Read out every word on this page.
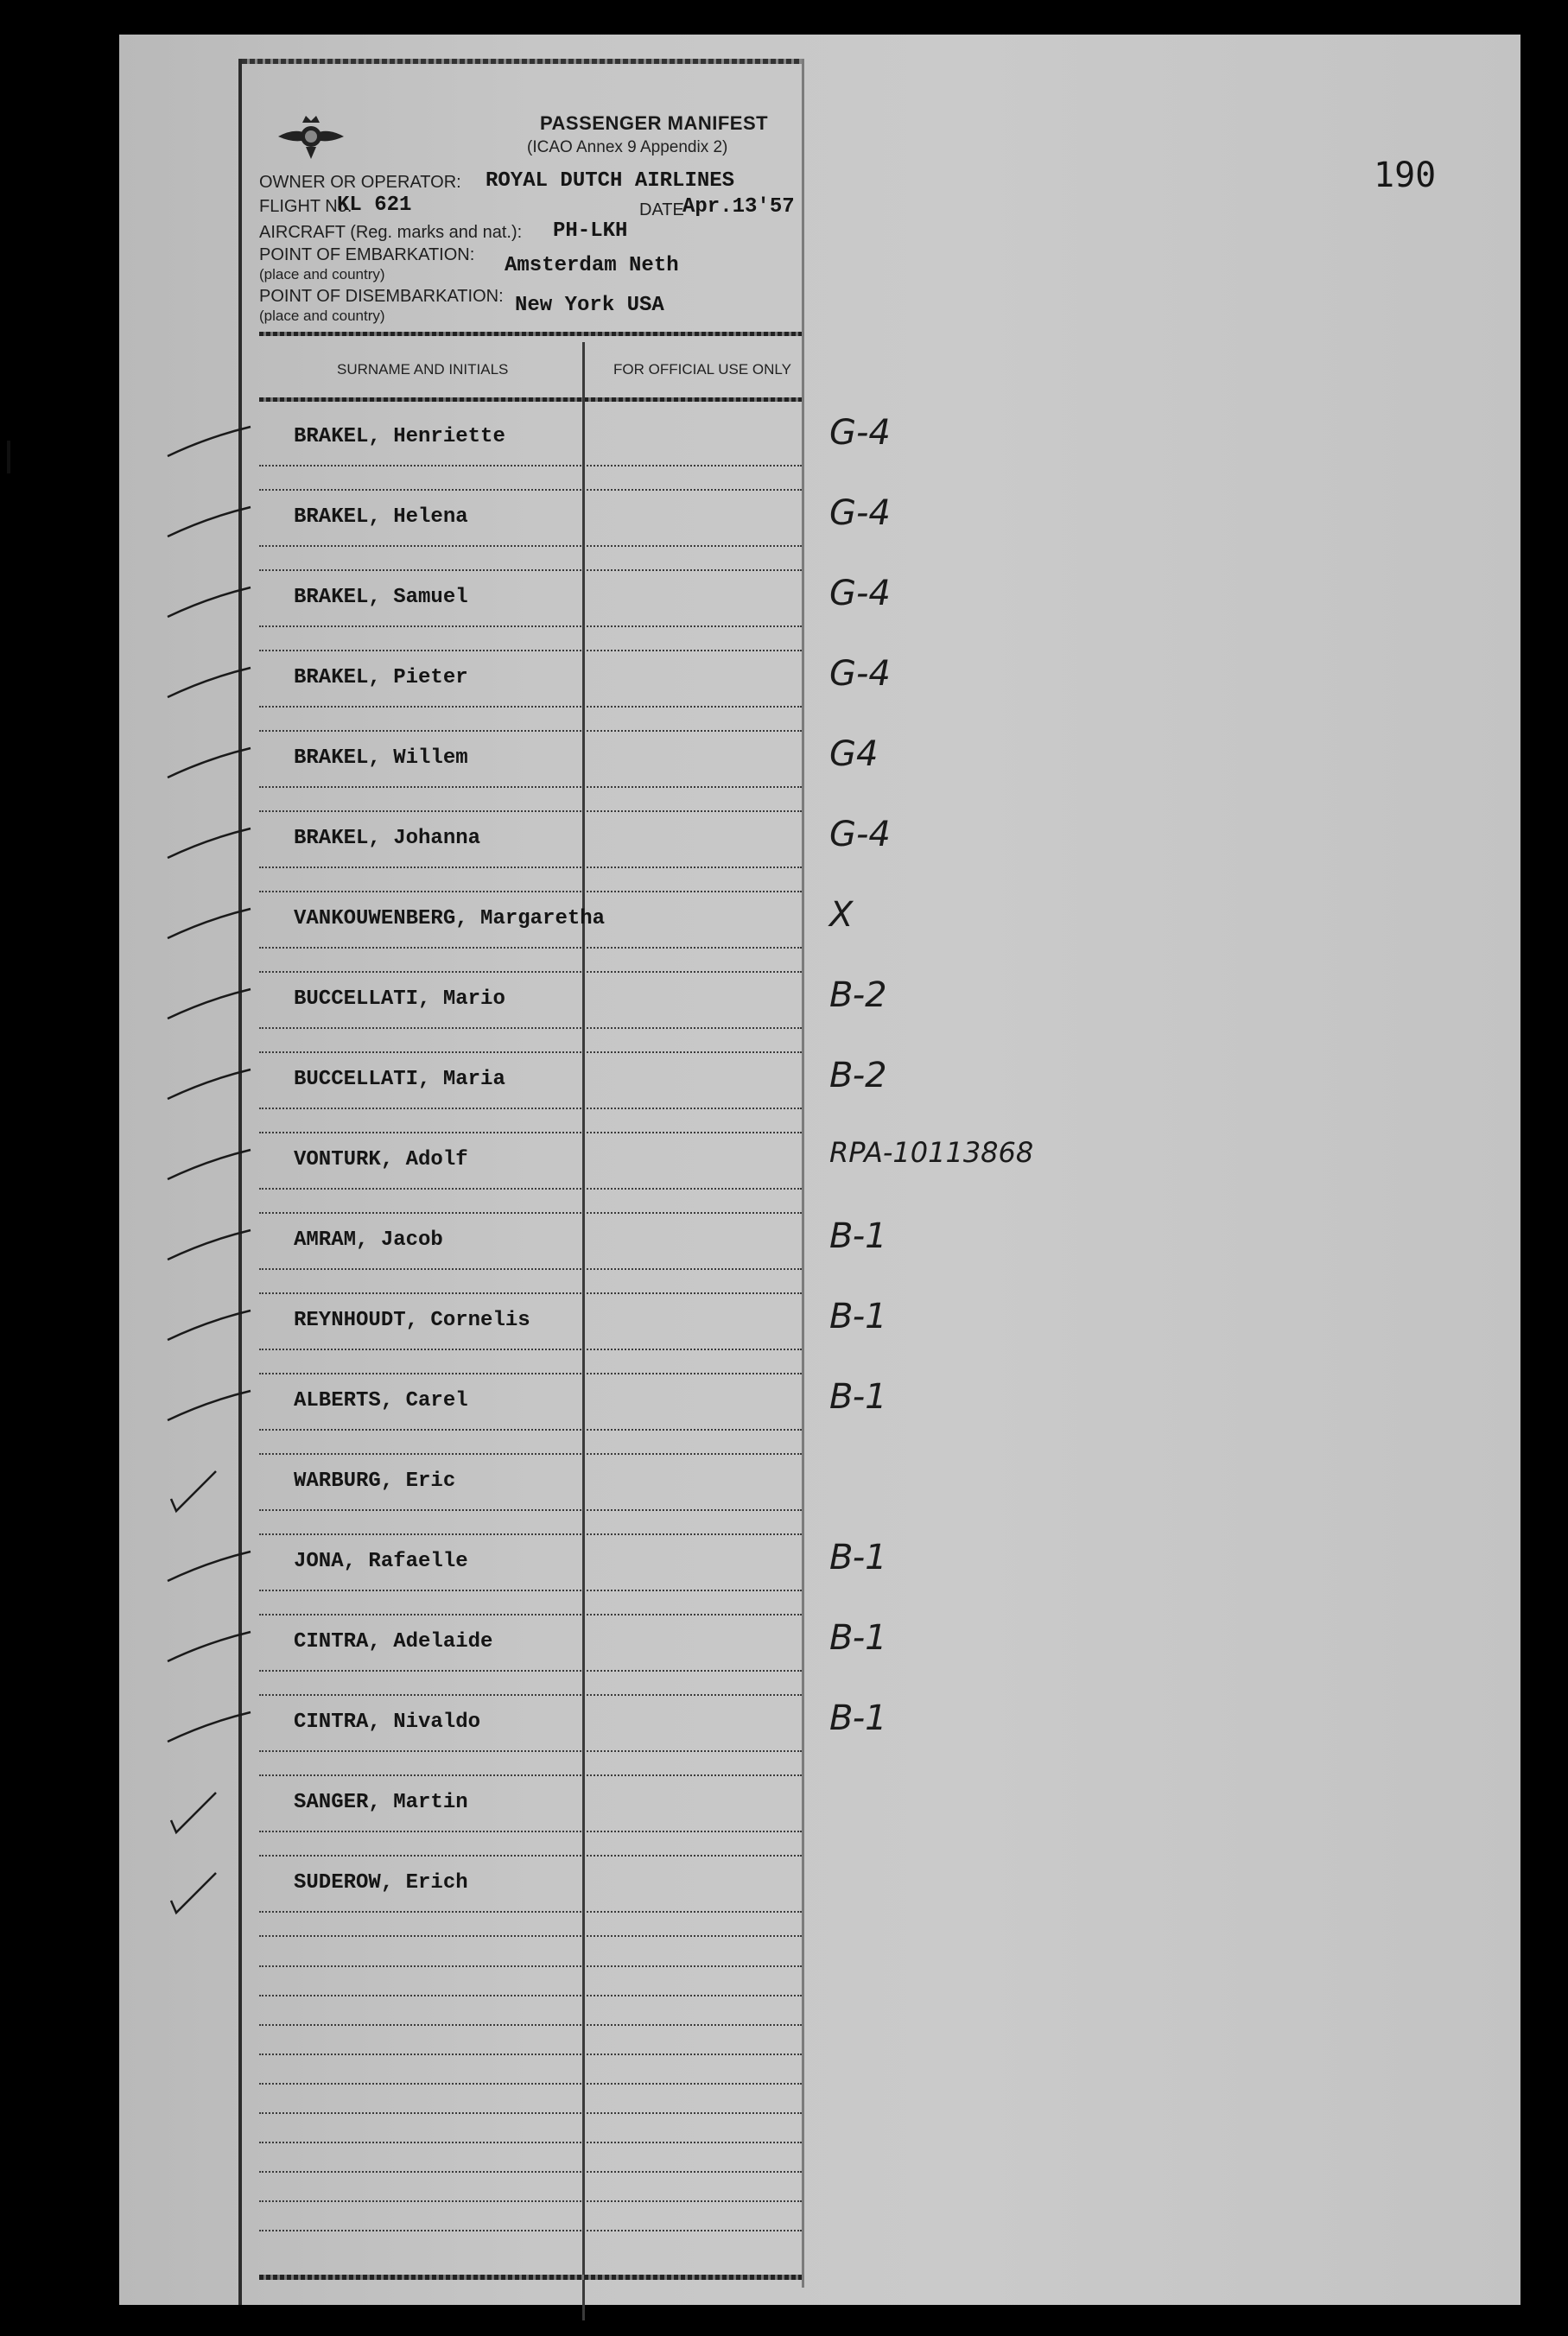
190
PASSENGER MANIFEST
(ICAO Annex 9 Appendix 2)
OWNER OR OPERATOR: ROYAL DUTCH AIRLINES
FLIGHT No.
KL 621	DATE
Apr.13'57
AIRCRAFT (Reg. marks and nat.): PH-LKH
POINT OF EMBARKATION:
(place and country)	Amsterdam Neth
POINT OF DISEMBARKATION:
(place and country)	New York USA
SURNAME AND INITIALS	FOR OFFICIAL USE ONLY
BRAKEL, Henriette	G-4
BRAKEL, Helena	G-4
BRAKEL, Samuel	G-4
BRAKEL, Pieter	G-4
BRAKEL, Willem	G4
BRAKEL, Johanna	G-4
VANKOUWENBERG, Margaretha	X
BUCCELLATI, Mario	B-2
BUCCELLATI, Maria	B-2
VONTURK, Adolf	RPA-10113868
AMRAM, Jacob	B-1
REYNHOUDT, Cornelis	B-1
ALBERTS, Carel	B-1
WARBURG, Eric
JONA, Rafaelle	B-1
CINTRA, Adelaide	B-1
CINTRA, Nivaldo	B-1
SANGER, Martin
SUDEROW, Erich
